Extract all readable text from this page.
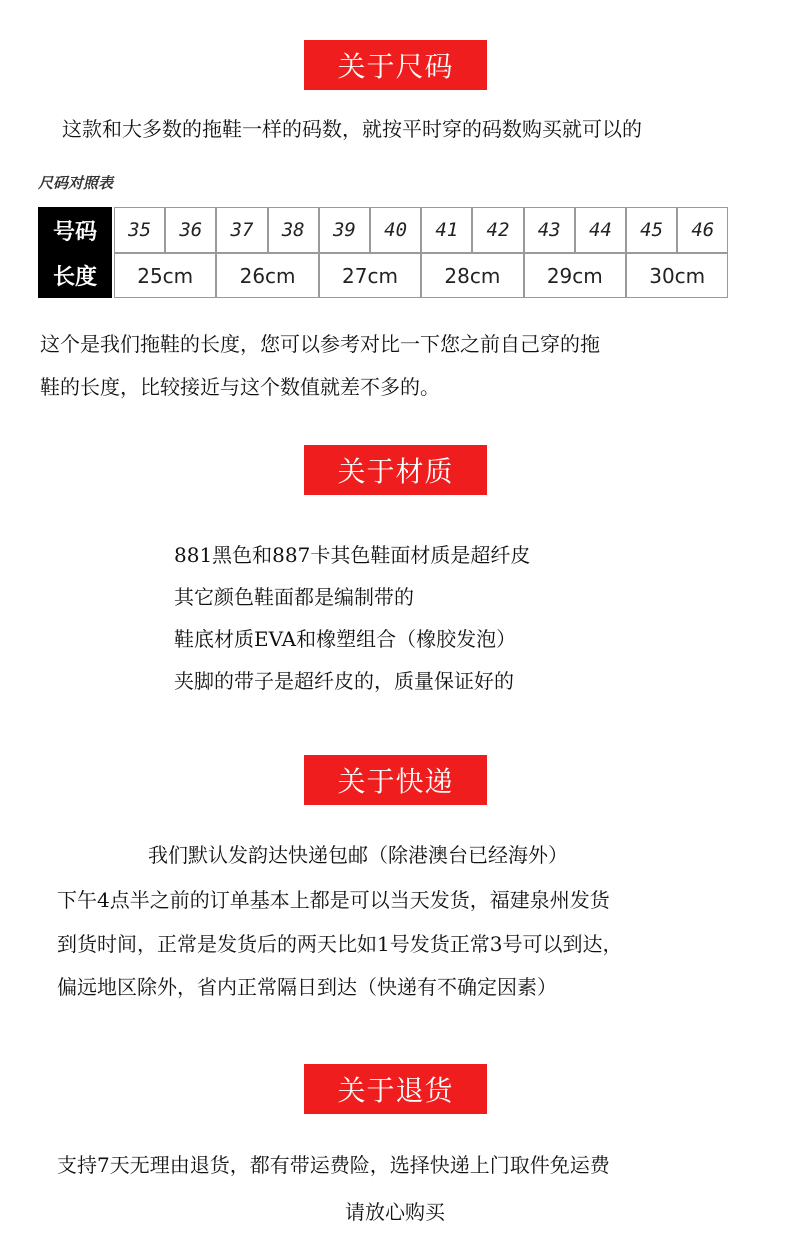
关于尺码
这款和大多数的拖鞋一样的码数，就按平时穿的码数购买就可以的
尺码对照表
号码
长度
35 36 37 38 39 40 41 42 43 44 45 46
25cm 26cm 27cm 28cm 29cm 30cm
这个是我们拖鞋的长度，您可以参考对比一下您之前自己穿的拖
鞋的长度，比较接近与这个数值就差不多的。
关于材质
881黑色和887卡其色鞋面材质是超纤皮
其它颜色鞋面都是编制带的
鞋底材质EVA和橡塑组合（橡胶发泡）
夹脚的带子是超纤皮的，质量保证好的
关于快递
我们默认发韵达快递包邮（除港澳台已经海外）
下午4点半之前的订单基本上都是可以当天发货，福建泉州发货
到货时间，正常是发货后的两天比如1号发货正常3号可以到达，
偏远地区除外，省内正常隔日到达（快递有不确定因素）
关于退货
支持7天无理由退货，都有带运费险，选择快递上门取件免运费
请放心购买
